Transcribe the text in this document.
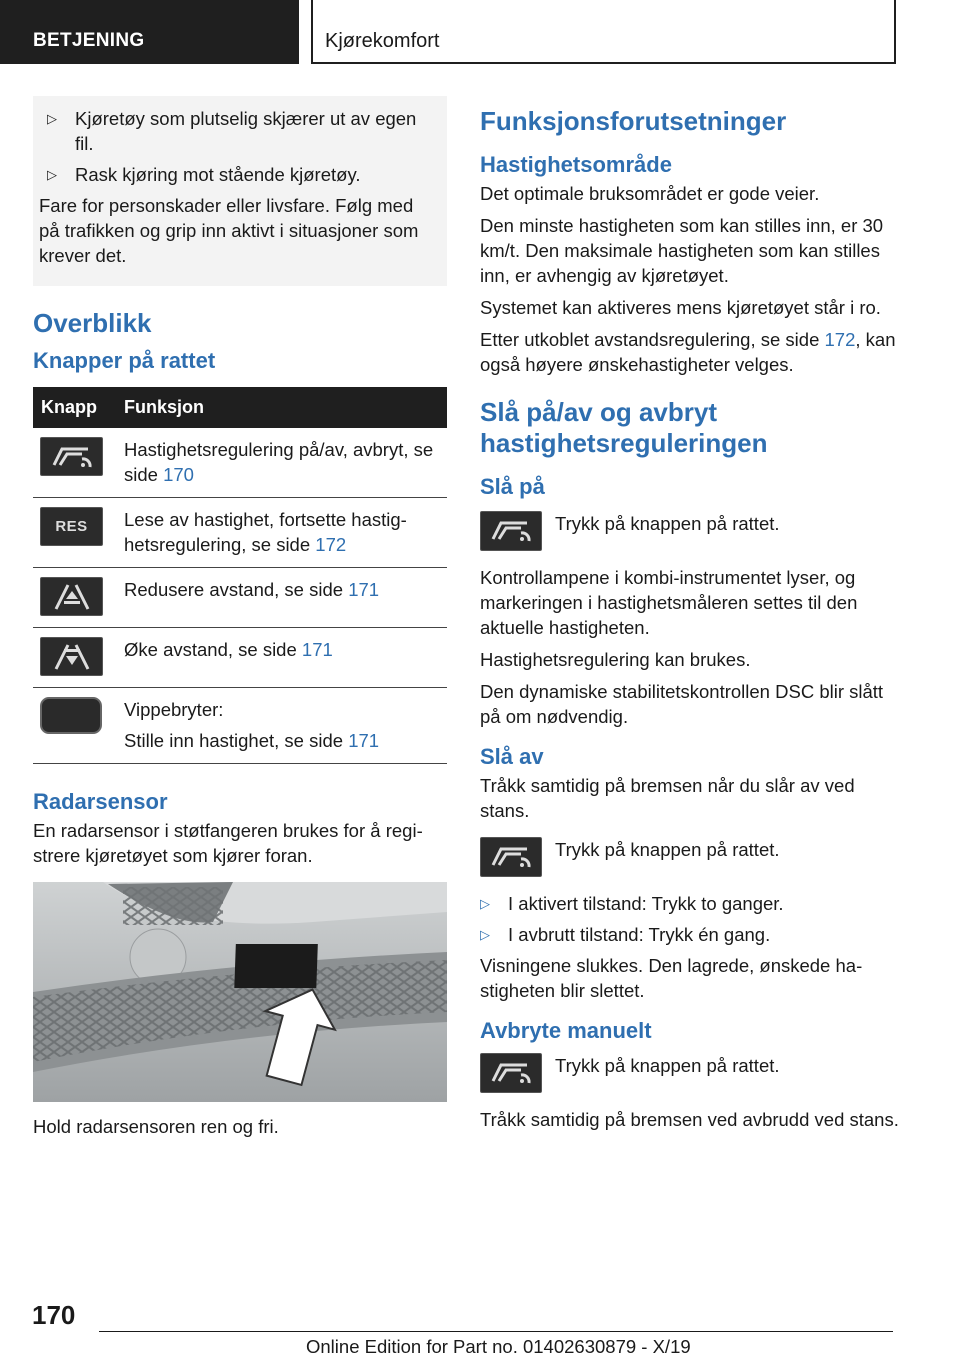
BETJENING	Kjørekomfort
▷ Kjøretøy som plutselig skjærer ut av egen fil.
▷ Rask kjøring mot stående kjøretøy.
Fare for personskader eller livsfare. Følg med på trafikken og grip inn aktivt i situasjoner som krever det.
Overblikk
Knapper på rattet
Knapp	Funksjon

	Hastighetsregulering på/av, avbryt, se side 170

RES	Lese av hastighet, fortsette hastighetsregulering, se side 172

	Redusere avstand, se side 171

	Øke avstand, se side 171

	Vippebryter:
Stille inn hastighet, se side 171
Radarsensor
En radarsensor i støtfangeren brukes for å registrere kjøretøyet som kjører foran.
Hold radarsensoren ren og fri.
Funksjonsforutsetninger
Hastighetsområde
Det optimale bruksområdet er gode veier.
Den minste hastigheten som kan stilles inn, er 30 km/t. Den maksimale hastigheten som kan stilles inn, er avhengig av kjøretøyet.
Systemet kan aktiveres mens kjøretøyet står i ro.
Etter utkoblet avstandsregulering, se side 172, kan også høyere ønskehastigheter velges.
Slå på/av og avbryt hastighetsreguleringen
Slå på
Trykk på knappen på rattet.
Kontrollampene i kombi-instrumentet lyser, og markeringen i hastighetsmåleren settes til den aktuelle hastigheten.
Hastighetsregulering kan brukes.
Den dynamiske stabilitetskontrollen DSC blir slått på om nødvendig.
Slå av
Tråkk samtidig på bremsen når du slår av ved stans.
Trykk på knappen på rattet.
▷ I aktivert tilstand: Trykk to ganger.
▷ I avbrutt tilstand: Trykk én gang.
Visningene slukkes. Den lagrede, ønskede hastigheten blir slettet.
Avbryte manuelt
Trykk på knappen på rattet.
Tråkk samtidig på bremsen ved avbrudd ved stans.
170
Online Edition for Part no. 01402630879 - X/19
